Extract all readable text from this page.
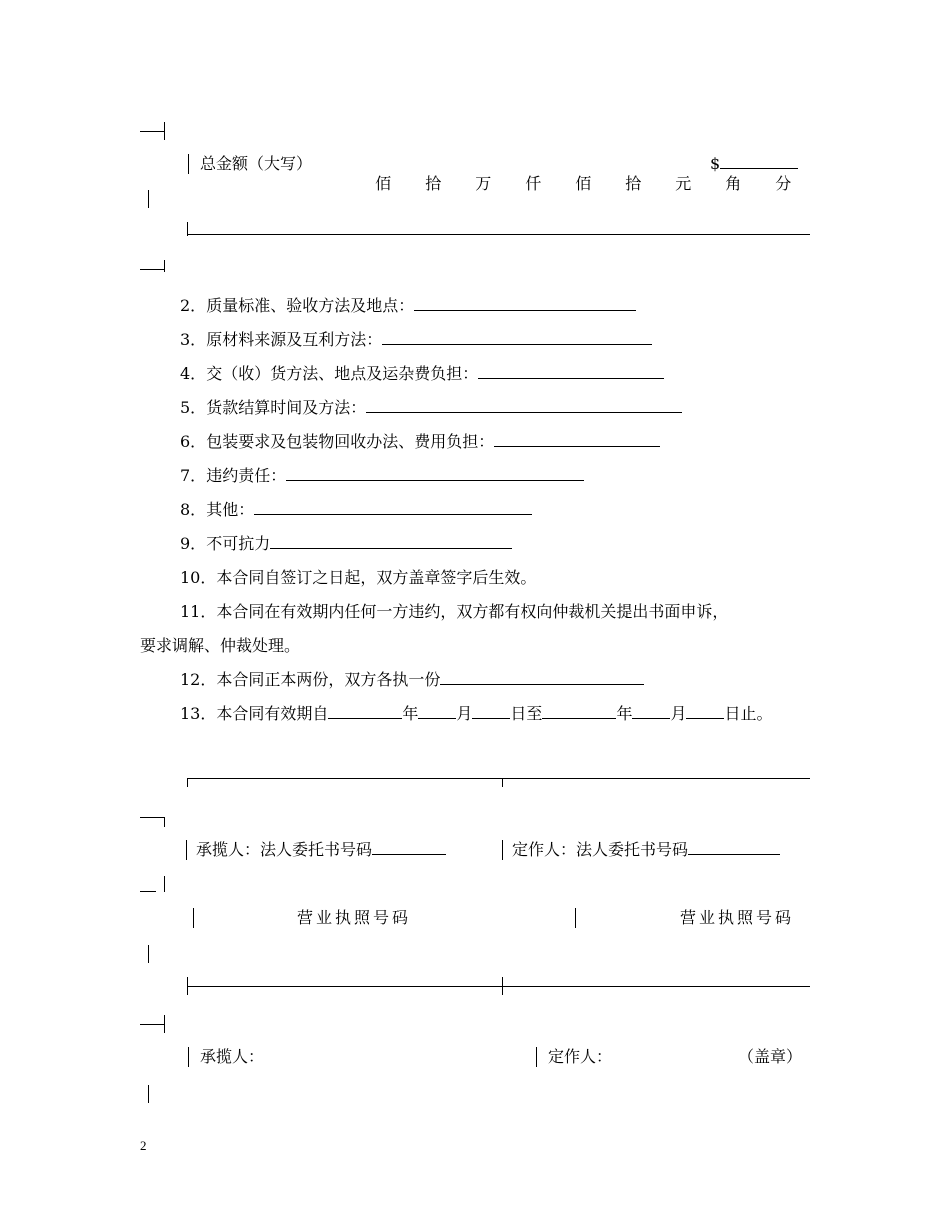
总金额（大写）

佰 拾 万 仟 佰 拾 元 角 分

$
2．质量标准、验收方法及地点：
3．原材料来源及互利方法：
4．交（收）货方法、地点及运杂费负担：
5．货款结算时间及方法：
6．包装要求及包装物回收办法、费用负担：
7．违约责任：
8．其他：
9．不可抗力
10．本合同自签订之日起，双方盖章签字后生效。
11．本合同在有效期内任何一方违约，双方都有权向仲裁机关提出书面申诉，
要求调解、仲裁处理。
12．本合同正本两份，双方各执一份
13．本合同有效期自	年 月 日至	年 月 日止。
承揽人：法人委托书号码	定作人：法人委托书号码
营业执照号码	营业执照号码
承揽人：	定作人：	（盖章）
2
